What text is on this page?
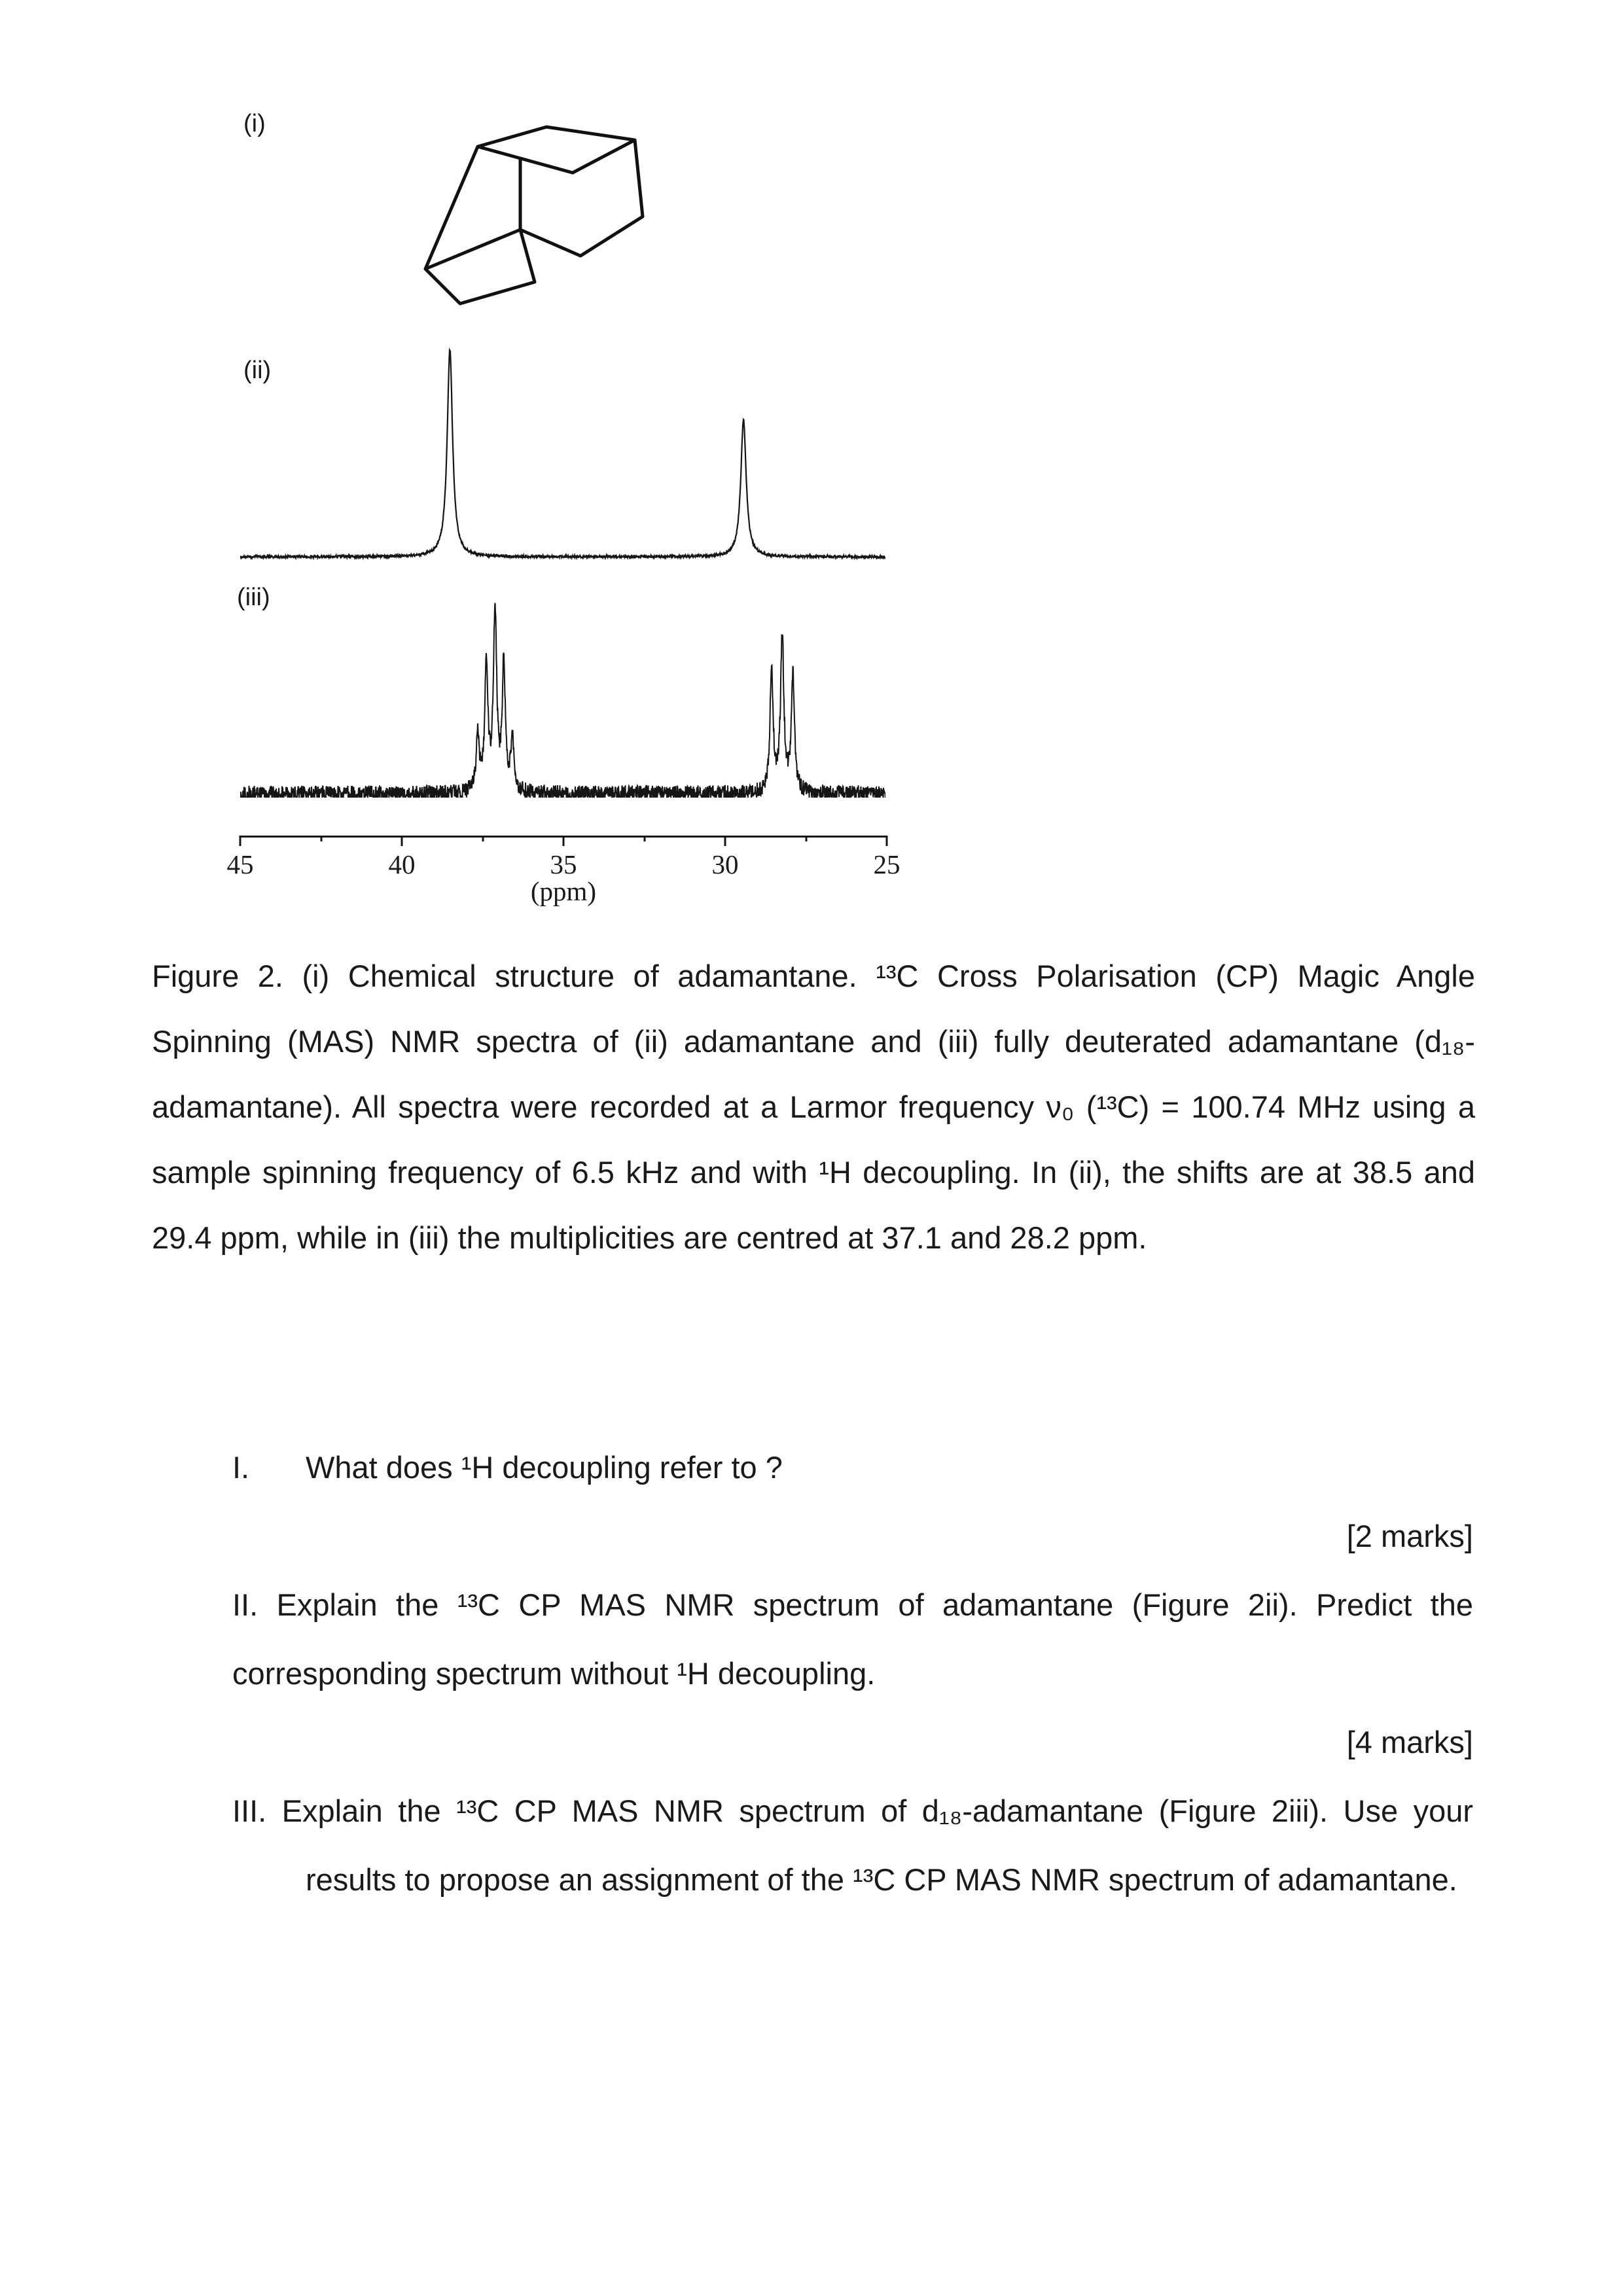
(i)
(ii)
(iii)
45	40	35	30	25
(ppm)

Figure 2. (i) Chemical structure of adamantane. ¹³C Cross Polarisation (CP) Magic Angle Spinning (MAS) NMR spectra of (ii) adamantane and (iii) fully deuterated adamantane (d₁₈-adamantane). All spectra were recorded at a Larmor frequency ν₀ (¹³C) = 100.74 MHz using a sample spinning frequency of 6.5 kHz and with ¹H decoupling. In (ii), the shifts are at 38.5 and 29.4 ppm, while in (iii) the multiplicities are centred at 37.1 and 28.2 ppm.

I.	What does ¹H decoupling refer to ?
[2 marks]

II. Explain the ¹³C CP MAS NMR spectrum of adamantane (Figure 2ii). Predict the corresponding spectrum without ¹H decoupling.

[4 marks]

III. Explain the ¹³C CP MAS NMR spectrum of d₁₈-adamantane (Figure 2iii). Use your results to propose an assignment of the ¹³C CP MAS NMR spectrum of adamantane.
